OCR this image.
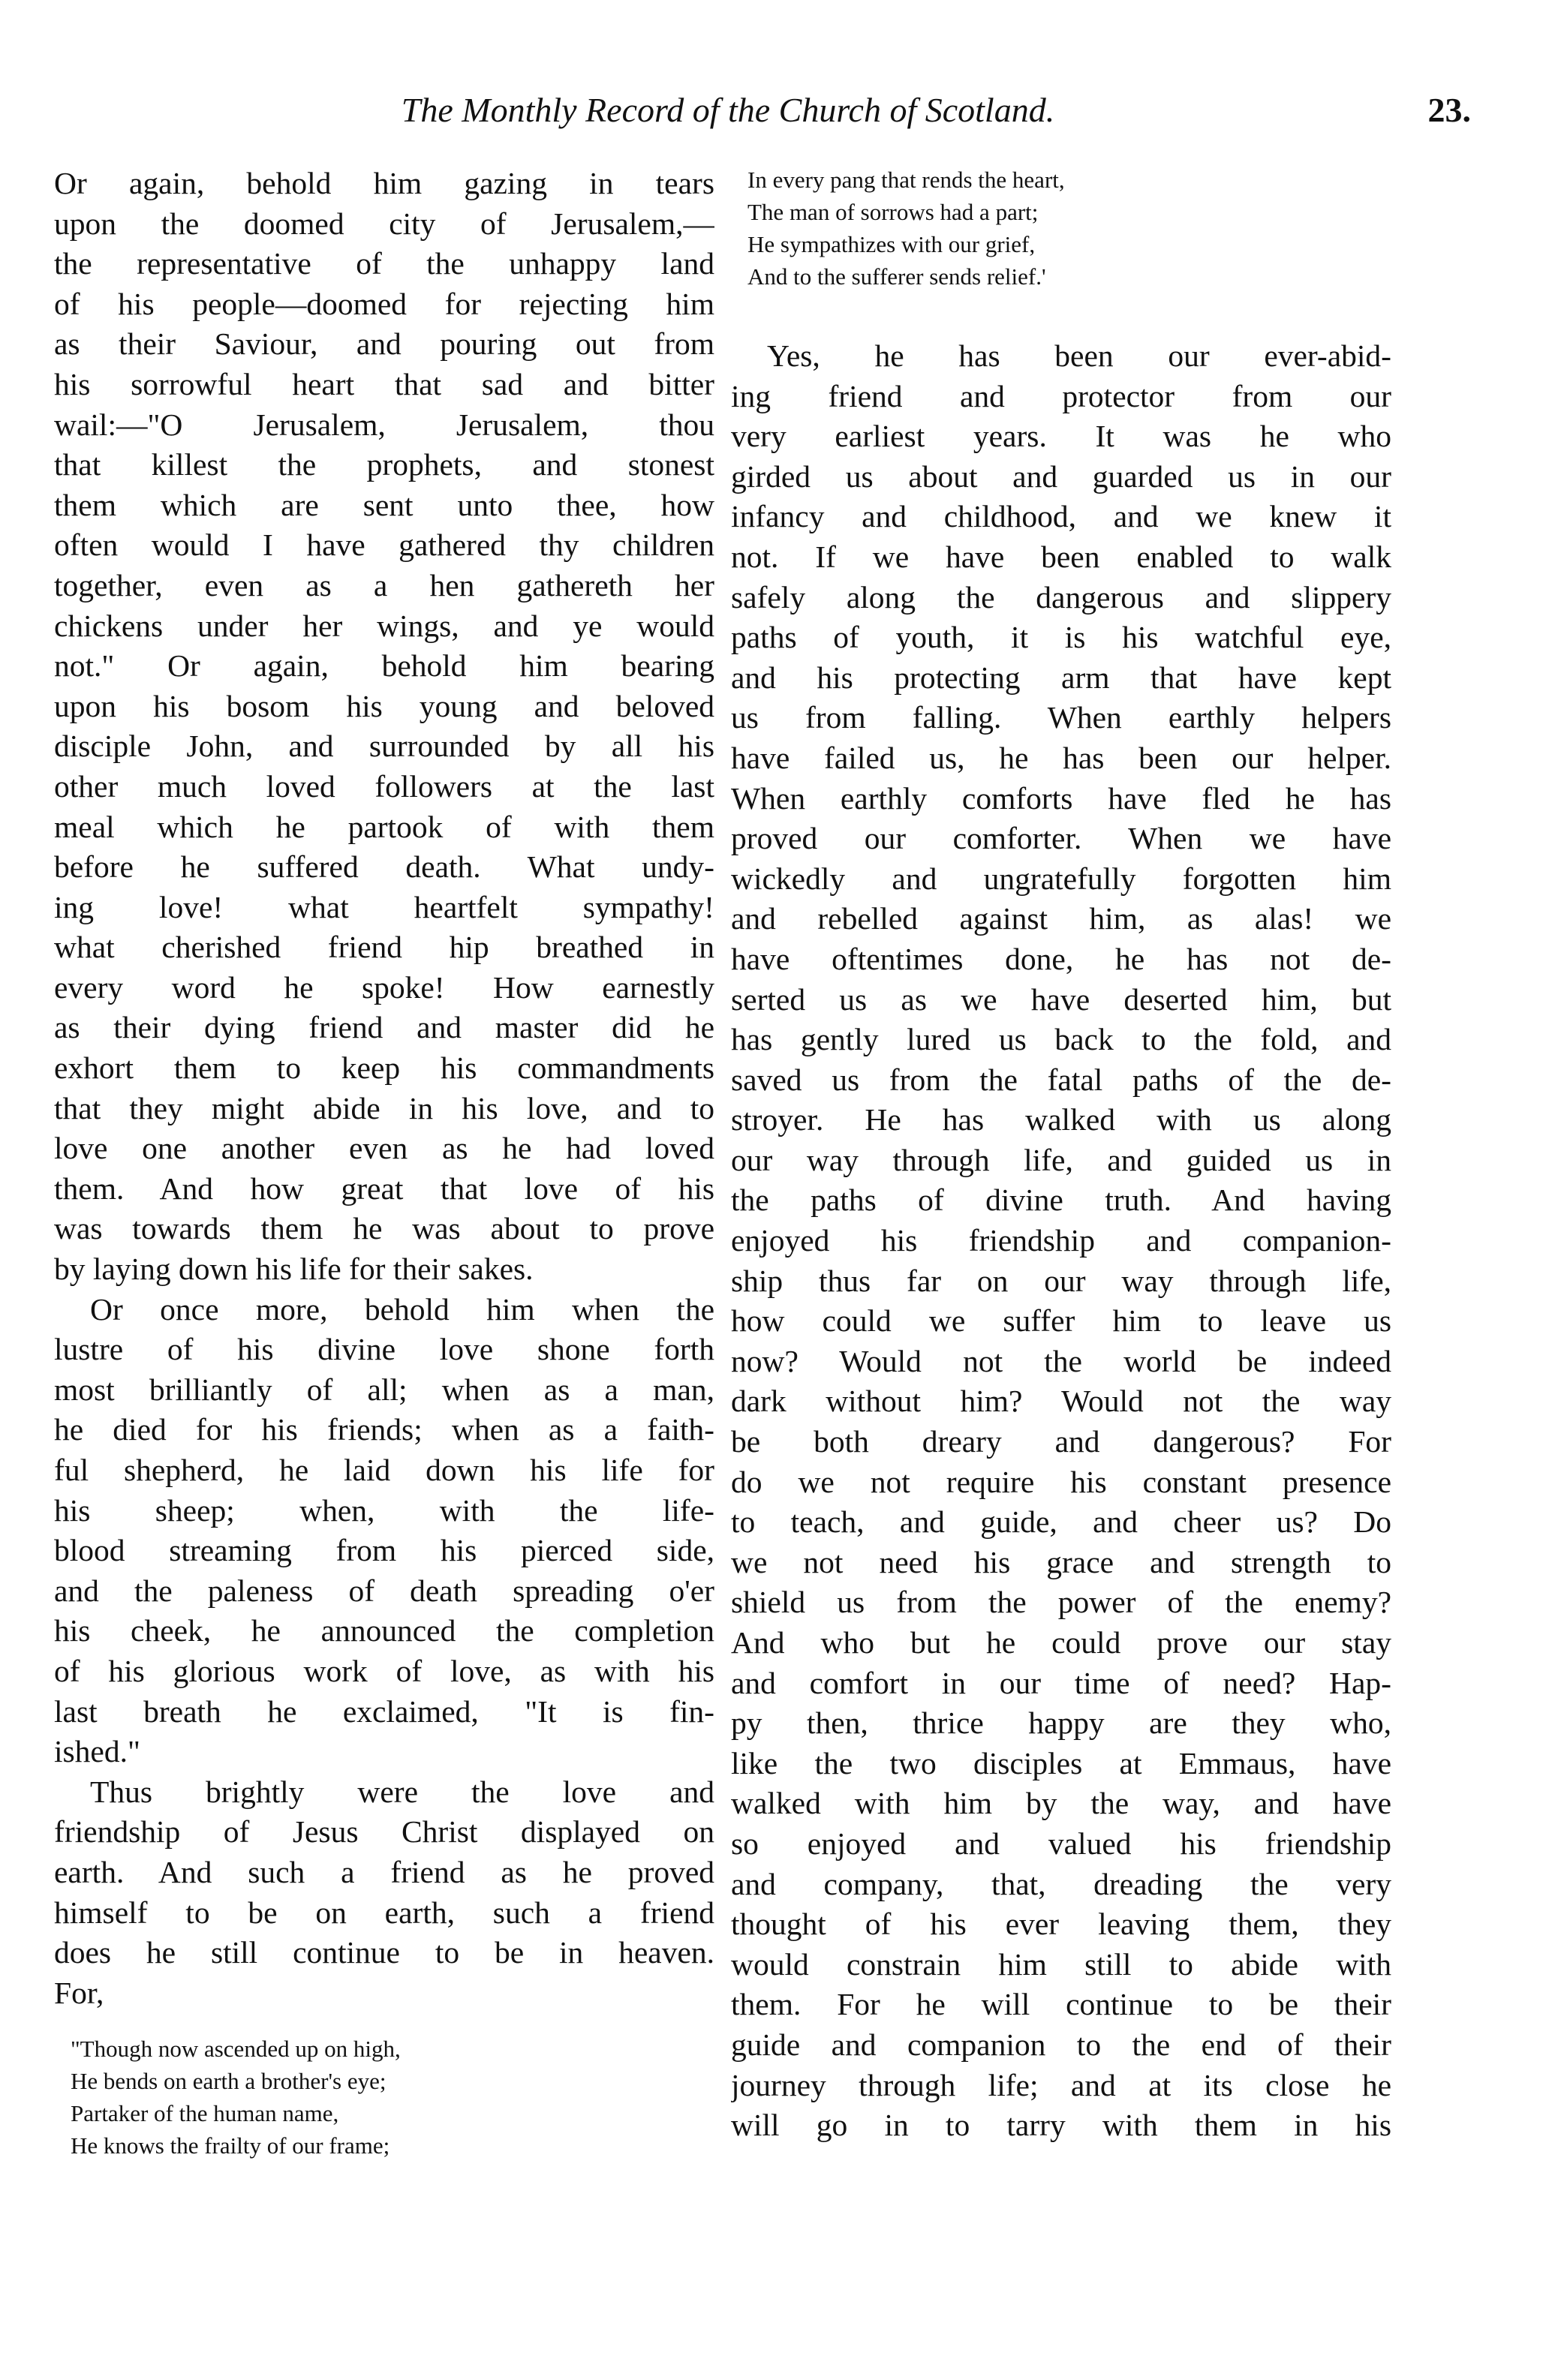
The Monthly Record of the Church of Scotland.	23.
Or again, behold him gazing in tears
upon the doomed city of Jerusalem,—
the representative of the unhappy land
of his people—doomed for rejecting him
as their Saviour, and pouring out from
his sorrowful heart that sad and bitter
wail:—"O Jerusalem, Jerusalem, thou
that killest the prophets, and stonest
them which are sent unto thee, how
often would I have gathered thy children
together, even as a hen gathereth her
chickens under her wings, and ye would
not." Or again, behold him bearing
upon his bosom his young and beloved
disciple John, and surrounded by all his
other much loved followers at the last
meal which he partook of with them
before he suffered death. What undy-
ing love! what heartfelt sympathy!
what cherished friend hip breathed in
every word he spoke! How earnestly
as their dying friend and master did he
exhort them to keep his commandments
that they might abide in his love, and to
love one another even as he had loved
them. And how great that love of his
was towards them he was about to prove
by laying down his life for their sakes.
Or once more, behold him when the
lustre of his divine love shone forth
most brilliantly of all; when as a man,
he died for his friends; when as a faith-
ful shepherd, he laid down his life for
his sheep; when, with the life-
blood streaming from his pierced side,
and the paleness of death spreading o'er
his cheek, he announced the completion
of his glorious work of love, as with his
last breath he exclaimed, "It is fin-
ished."
Thus brightly were the love and
friendship of Jesus Christ displayed on
earth. And such a friend as he proved
himself to be on earth, such a friend
does he still continue to be in heaven.
For,
"Though now ascended up on high,
He bends on earth a brother's eye;
Partaker of the human name,
He knows the frailty of our frame;
In every pang that rends the heart,
The man of sorrows had a part;
He sympathizes with our grief,
And to the sufferer sends relief.'
Yes, he has been our ever-abid-
ing friend and protector from our
very earliest years. It was he who
girded us about and guarded us in our
infancy and childhood, and we knew it
not. If we have been enabled to walk
safely along the dangerous and slippery
paths of youth, it is his watchful eye,
and his protecting arm that have kept
us from falling. When earthly helpers
have failed us, he has been our helper.
When earthly comforts have fled he has
proved our comforter. When we have
wickedly and ungratefully forgotten him
and rebelled against him, as alas! we
have oftentimes done, he has not de-
serted us as we have deserted him, but
has gently lured us back to the fold, and
saved us from the fatal paths of the de-
stroyer. He has walked with us along
our way through life, and guided us in
the paths of divine truth. And having
enjoyed his friendship and companion-
ship thus far on our way through life,
how could we suffer him to leave us
now? Would not the world be indeed
dark without him? Would not the way
be both dreary and dangerous? For
do we not require his constant presence
to teach, and guide, and cheer us? Do
we not need his grace and strength to
shield us from the power of the enemy?
And who but he could prove our stay
and comfort in our time of need? Hap-
py then, thrice happy are they who,
like the two disciples at Emmaus, have
walked with him by the way, and have
so enjoyed and valued his friendship
and company, that, dreading the very
thought of his ever leaving them, they
would constrain him still to abide with
them. For he will continue to be their
guide and companion to the end of their
journey through life; and at its close he
will go in to tarry with them in his
